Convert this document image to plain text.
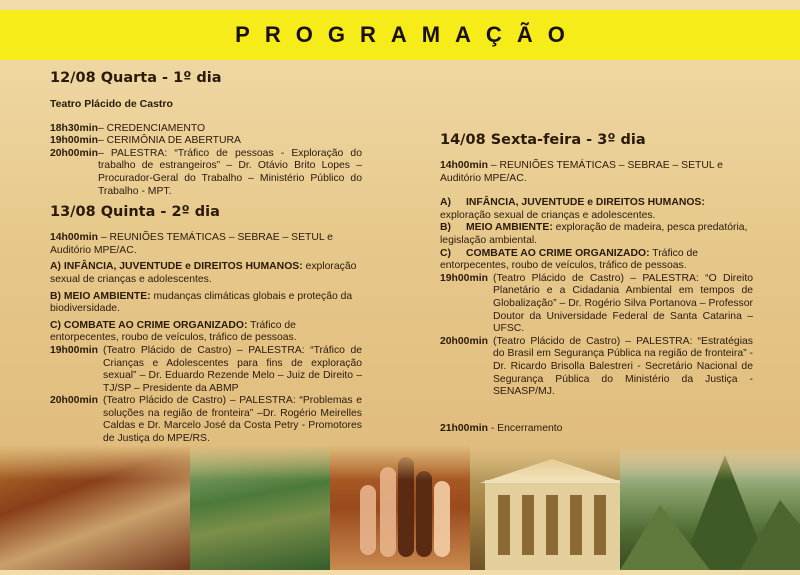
PROGRAMAÇÃO
12/08 Quarta - 1º dia
Teatro Plácido de Castro
18h30min – CREDENCIAMENTO
19h00min – CERIMÔNIA DE ABERTURA
20h00min – PALESTRA: “Tráfico de pessoas - Exploração do trabalho de estrangeiros” – Dr. Otávio Brito Lopes – Procurador-Geral do Trabalho – Ministério Público do Trabalho - MPT.
13/08 Quinta - 2º dia

14h00min – REUNIÕES TEMÁTICAS – SEBRAE – SETUL e Auditório MPE/AC.

A) INFÂNCIA, JUVENTUDE e DIREITOS HUMANOS: exploração sexual de crianças e adolescentes.

B) MEIO AMBIENTE: mudanças climáticas globais e proteção da biodiversidade.

C) COMBATE AO CRIME ORGANIZADO: Tráfico de entorpecentes, roubo de veículos, tráfico de pessoas.

19h00min (Teatro Plácido de Castro) – PALESTRA: “Tráfico de Crianças e Adolescentes para fins de exploração sexual” – Dr. Eduardo Rezende Melo – Juiz de Direito – TJ/SP – Presidente da ABMP
20h00min (Teatro Plácido de Castro) – PALESTRA: “Problemas e soluções na região de fronteira” –Dr. Rogério Meirelles Caldas e Dr. Marcelo José da Costa Petry - Promotores de Justiça do MPE/RS.
14/08 Sexta-feira - 3º dia

14h00min – REUNIÕES TEMÁTICAS – SEBRAE – SETUL e Auditório MPE/AC.

A) INFÂNCIA, JUVENTUDE e DIREITOS HUMANOS: exploração sexual de crianças e adolescentes.

B) MEIO AMBIENTE: exploração de madeira, pesca predatória, legislação ambiental.

C) COMBATE AO CRIME ORGANIZADO: Tráfico de entorpecentes, roubo de veículos, tráfico de pessoas.

19h00min (Teatro Plácido de Castro) – PALESTRA: “O Direito Planetário e a Cidadania Ambiental em tempos de Globalização” – Dr. Rogério Silva Portanova – Professor Doutor da Universidade Federal de Santa Catarina – UFSC.
20h00min (Teatro Plácido de Castro) – PALESTRA: “Estratégias do Brasil em Segurança Pública na região de fronteira” - Dr. Ricardo Brisolla Balestreri - Secretário Nacional de Segurança Pública do Ministério da Justiça - SENASP/MJ.

21h00min - Encerramento
